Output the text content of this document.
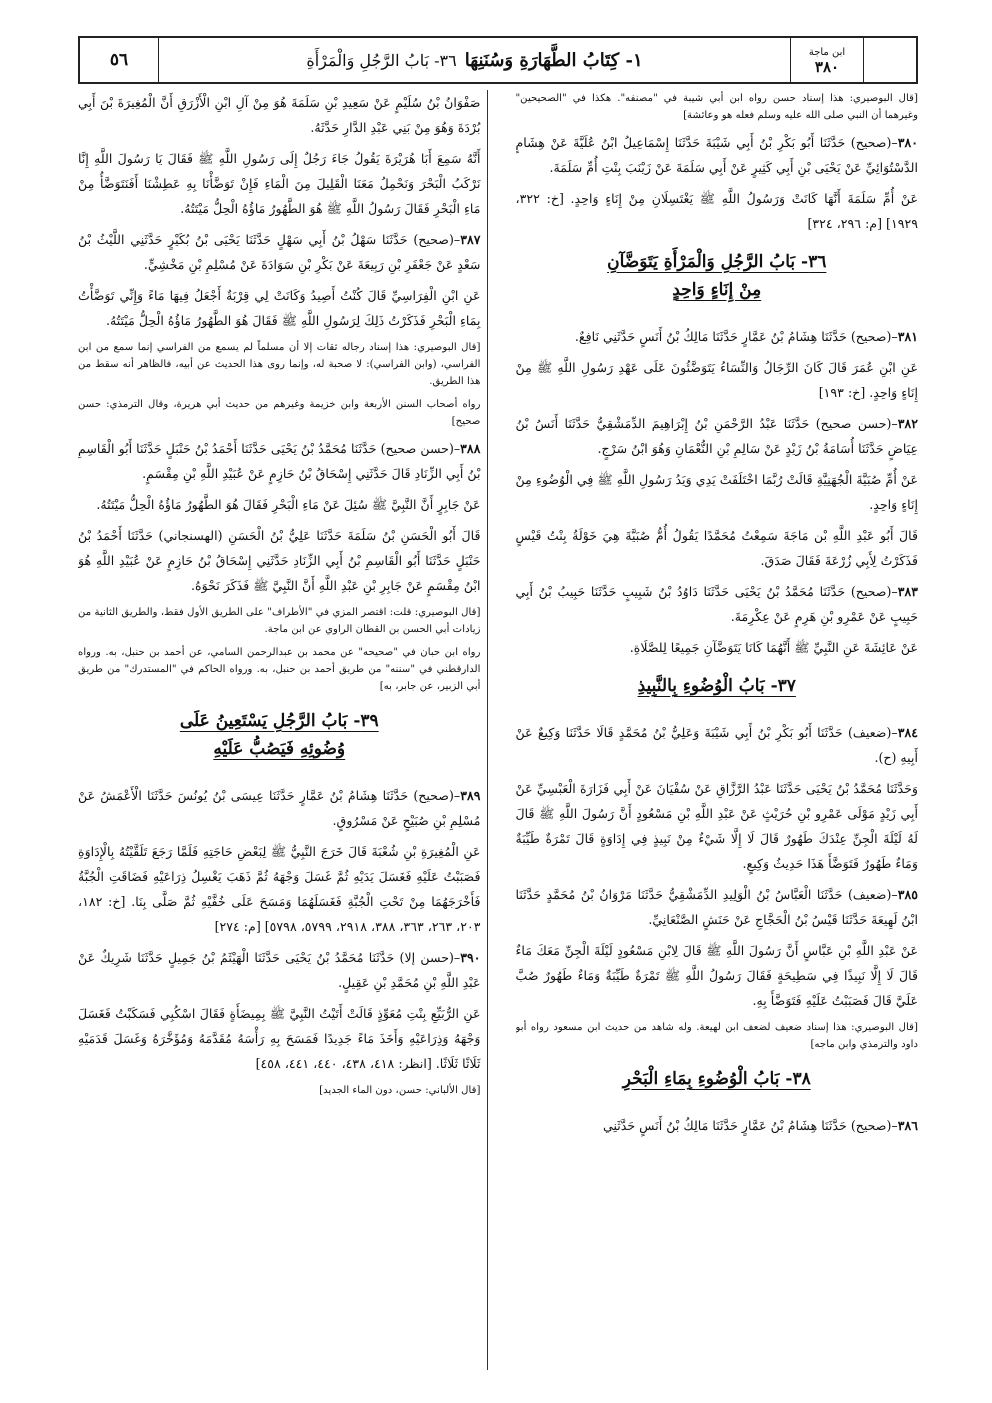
٥٦	١- كِتَابُ الطَّهَارَةِ وَسُنَنِهَا
٣٦- بَابُ الرَّجُلِ وَالْمَرْأَةِ	ابن ماجة
٣٨٠

[قال البوصيري: هذا إسناد حسن رواه ابن أبي شيبة في "مصنفه". هكذا في "الصحيحين" وغيرهما أن النبي صلى الله عليه وسلم فعله هو وعائشة]

٣٨٠–(صحيح) حَدَّثَنَا أَبُو بَكْرِ بْنُ أَبِي شَيْبَةَ حَدَّثَنَا إِسْمَاعِيلُ ابْنُ عُلَيَّةَ عَنْ هِشَامٍ الدَّسْتُوَائِيِّ عَنْ يَحْيَى بْنِ أَبِي كَثِيرٍ عَنْ أَبِي سَلَمَةَ عَنْ زَيْنَبَ بِنْتِ أُمِّ سَلَمَةَ.

عَنْ أُمِّ سَلَمَةَ أَنَّهَا كَانَتْ وَرَسُولُ اللَّهِ ﷺ يَغْتَسِلَانِ مِنْ إِنَاءٍ وَاحِدٍ. [خ: ٣٢٢، ١٩٢٩] [م: ٢٩٦، ٣٢٤]

٣٦- بَابُ الرَّجُلِ وَالْمَرْأَةِ يَتَوَضَّآنِ
مِنْ إِنَاءٍ وَاحِدٍ

٣٨١–(صحيح) حَدَّثَنَا هِشَامُ بْنُ عَمَّارٍ حَدَّثَنَا مَالِكُ بْنُ أَنَسٍ حَدَّثَنِي نَافِعٌ.

عَنِ ابْنِ عُمَرَ قَالَ كَانَ الرِّجَالُ وَالنِّسَاءُ يَتَوَضَّئُونَ عَلَى عَهْدِ رَسُولِ اللَّهِ ﷺ مِنْ إِنَاءٍ وَاحِدٍ. [خ: ١٩٣]

٣٨٢–(حسن صحيح) حَدَّثَنَا عَبْدُ الرَّحْمَنِ بْنُ إِبْرَاهِيمَ الدِّمَشْقِيُّ حَدَّثَنَا أَنَسُ بْنُ عِيَاضٍ حَدَّثَنَا أُسَامَةُ بْنُ زَيْدٍ عَنْ سَالِمِ بْنِ النُّعْمَانِ وَهُوَ ابْنُ سَرْجٍ.

عَنْ أُمِّ صُبَيَّةَ الْجُهَنِيَّةِ قَالَتْ رُبَّمَا اخْتَلَفَتْ يَدِي وَيَدُ رَسُولِ اللَّهِ ﷺ فِي الْوُضُوءِ مِنْ إِنَاءٍ وَاحِدٍ.

قَالَ أَبُو عَبْدِ اللَّهِ بْن مَاجَةَ سَمِعْتُ مُحَمَّدًا يَقُولُ أُمُّ صُبَيَّةَ هِيَ خَوْلَةُ بِنْتُ قَيْسٍ فَذَكَرْتُ لِأَبِي زُرْعَةَ فَقَالَ صَدَقَ.

٣٨٣–(صحيح) حَدَّثَنَا مُحَمَّدُ بْنُ يَحْيَى حَدَّثَنَا دَاوُدُ بْنُ شَبِيبٍ حَدَّثَنَا حَبِيبُ بْنُ أَبِي حَبِيبٍ عَنْ عَمْرِو بْنِ هَرِمٍ عَنْ عِكْرِمَةَ.

عَنْ عَائِشَةَ عَنِ النَّبِيِّ ﷺ أَنَّهُمَا كَانَا يَتَوَضَّآنِ جَمِيعًا لِلصَّلَاةِ.

٣٧- بَابُ الْوُضُوءِ بِالنَّبِيذِ

٣٨٤–(ضعيف) حَدَّثَنَا أَبُو بَكْرِ بْنُ أَبِي شَيْبَةَ وَعَلِيُّ بْنُ مُحَمَّدٍ قَالَا حَدَّثَنَا وَكِيعٌ عَنْ أَبِيهِ (ح).

وَحَدَّثَنَا مُحَمَّدُ بْنُ يَحْيَى حَدَّثَنَا عَبْدُ الرَّزَّاقِ عَنْ سُفْيَانَ عَنْ أَبِي فَزَارَةَ الْعَبْسِيِّ عَنْ أَبِي زَيْدٍ مَوْلَى عَمْرِو بْنِ حُرَيْثٍ عَنْ عَبْدِ اللَّهِ بْنِ مَسْعُودٍ أَنَّ رَسُولَ اللَّهِ ﷺ قَالَ لَهُ لَيْلَةَ الْجِنِّ عِنْدَكَ طَهُورٌ قَالَ لَا إِلَّا شَيْءٌ مِنْ نَبِيذٍ فِي إِدَاوَةٍ قَالَ تَمْرَةٌ طَيِّبَةٌ وَمَاءٌ طَهُورٌ فَتَوَضَّأَ هَذَا حَدِيثُ وَكِيعٍ.

٣٨٥–(ضعيف) حَدَّثَنَا الْعَبَّاسُ بْنُ الْوَلِيدِ الدِّمَشْقِيُّ حَدَّثَنَا مَرْوَانُ بْنُ مُحَمَّدٍ حَدَّثَنَا ابْنُ لَهِيعَةَ حَدَّثَنَا قَيْسُ بْنُ الْحَجَّاجِ عَنْ حَنَشٍ الصَّنْعَانِيِّ.

عَنْ عَبْدِ اللَّهِ بْنِ عَبَّاسٍ أَنَّ رَسُولَ اللَّهِ ﷺ قَالَ لِابْنِ مَسْعُودٍ لَيْلَةَ الْجِنِّ مَعَكَ مَاءٌ قَالَ لَا إِلَّا نَبِيذًا فِي سَطِيحَةٍ فَقَالَ رَسُولُ اللَّهِ ﷺ تَمْرَةٌ طَيِّبَةٌ وَمَاءٌ طَهُورٌ صُبَّ عَلَيَّ قَالَ فَصَبَبْتُ عَلَيْهِ فَتَوَضَّأَ بِهِ.

[قال البوصيري: هذا إسناد ضعيف لضعف ابن لهيعة. وله شاهد من حديث ابن مسعود رواه أبو داود والترمذي وابن ماجه]

٣٨- بَابُ الْوُضُوءِ بِمَاءِ الْبَحْرِ

٣٨٦–(صحيح) حَدَّثَنَا هِشَامُ بْنُ عَمَّارٍ حَدَّثَنَا مَالِكُ بْنُ أَنَسٍ حَدَّثَنِي

صَفْوَانُ بْنُ سُلَيْمٍ عَنْ سَعِيدِ بْنِ سَلَمَةَ هُوَ مِنْ آلِ ابْنِ الْأَزْرَقِ أَنَّ الْمُغِيرَةَ بْنَ أَبِي بُرْدَةَ وَهُوَ مِنْ بَنِي عَبْدِ الدَّارِ حَدَّثَهُ.

أَنَّهُ سَمِعَ أَبَا هُرَيْرَةَ يَقُولُ جَاءَ رَجُلٌ إِلَى رَسُولِ اللَّهِ ﷺ فَقَالَ يَا رَسُولَ اللَّهِ إِنَّا نَرْكَبُ الْبَحْرَ وَنَحْمِلُ مَعَنَا الْقَلِيلَ مِنَ الْمَاءِ فَإِنْ تَوَضَّأْنَا بِهِ عَطِشْنَا أَفَنَتَوَضَّأُ مِنْ مَاءِ الْبَحْرِ فَقَالَ رَسُولُ اللَّهِ ﷺ هُوَ الطَّهُورُ مَاؤُهُ الْحِلُّ مَيْتَتُهُ.

٣٨٧–(صحيح) حَدَّثَنَا سَهْلُ بْنُ أَبِي سَهْلٍ حَدَّثَنَا يَحْيَى بْنُ بُكَيْرٍ حَدَّثَنِي اللَّيْثُ بْنُ سَعْدٍ عَنْ جَعْفَرِ بْنِ رَبِيعَةَ عَنْ بَكْرِ بْنِ سَوَادَةَ عَنْ مُسْلِمِ بْنِ مَخْشِيٍّ.

عَنِ ابْنِ الْفِرَاسِيِّ قَالَ كُنْتُ أَصِيدُ وَكَانَتْ لِي قِرْبَةٌ أَجْعَلُ فِيهَا مَاءً وَإِنِّي تَوَضَّأْتُ بِمَاءِ الْبَحْرِ فَذَكَرْتُ ذَلِكَ لِرَسُولِ اللَّهِ ﷺ فَقَالَ هُوَ الطَّهُورُ مَاؤُهُ الْحِلُّ مَيْتَتُهُ.

[قال البوصيري: هذا إسناد رجاله ثقات إلا أن مسلماً لم يسمع من الفراسي إنما سمع من ابن الفراسي، (وابن الفراسي): لا صحبة له، وإنما روى هذا الحديث عن أبيه، فالظاهر أنه سقط من هذا الطريق.

رواه أصحاب السنن الأربعة وابن خزيمة وغيرهم من حديث أبي هريرة، وقال الترمذي: حسن صحيح]

٣٨٨–(حسن صحيح) حَدَّثَنَا مُحَمَّدُ بْنُ يَحْيَى حَدَّثَنَا أَحْمَدُ بْنُ حَنْبَلٍ حَدَّثَنَا أَبُو الْقَاسِمِ بْنُ أَبِي الزِّنَادِ قَالَ حَدَّثَنِي إِسْحَاقُ بْنُ حَازِمٍ عَنْ عُبَيْدِ اللَّهِ بْنِ مِقْسَمٍ.

عَنْ جَابِرٍ أَنَّ النَّبِيَّ ﷺ سُئِلَ عَنْ مَاءِ الْبَحْرِ فَقَالَ هُوَ الطَّهُورُ مَاؤُهُ الْحِلُّ مَيْتَتُهُ.

قَالَ أَبُو الْحَسَنِ بْنُ سَلَمَةَ حَدَّثَنَا عَلِيُّ بْنُ الْحَسَنِ (الهسنجاني) حَدَّثَنَا أَحْمَدُ بْنُ حَنْبَلٍ حَدَّثَنَا أَبُو الْقَاسِمِ بْنُ أَبِي الزِّنَادِ حَدَّثَنِي إِسْحَاقُ بْنُ حَازِمٍ عَنْ عُبَيْدِ اللَّهِ هُوَ ابْنُ مِقْسَمٍ عَنْ جَابِرِ بْنِ عَبْدِ اللَّهِ أَنَّ النَّبِيَّ ﷺ فَذَكَرَ نَحْوَهُ.

[قال البوصيري: قلت: اقتصر المزي في "الأطراف" على الطريق الأول فقط، والطريق الثانية من زيادات أبي الحسن بن القطان الراوي عن ابن ماجة.

رواه ابن حبان في "صحيحه" عن محمد بن عبدالرحمن السامي، عن أحمد بن حنبل، به. ورواه الدارقطني في "سننه" من طريق أحمد بن حنبل، به. ورواه الحاكم في "المستدرك" من طريق أبي الزبير، عن جابر، به]

٣٩- بَابُ الرَّجُلِ يَسْتَعِينُ عَلَى
وُضُوئِهِ فَيَصُبُّ عَلَيْهِ

٣٨٩–(صحيح) حَدَّثَنَا هِشَامُ بْنُ عَمَّارٍ حَدَّثَنَا عِيسَى بْنُ يُونُسَ حَدَّثَنَا الْأَعْمَشُ عَنْ مُسْلِمِ بْنِ صُبَيْحٍ عَنْ مَسْرُوقٍ.

عَنِ الْمُغِيرَةِ بْنِ شُعْبَةَ قَالَ خَرَجَ النَّبِيُّ ﷺ لِبَعْضِ حَاجَتِهِ فَلَمَّا رَجَعَ تَلَقَّيْتُهُ بِالْإِدَاوَةِ فَصَبَبْتُ عَلَيْهِ فَغَسَلَ يَدَيْهِ ثُمَّ غَسَلَ وَجْهَهُ ثُمَّ ذَهَبَ يَغْسِلُ ذِرَاعَيْهِ فَضَاقَتِ الْجُبَّةُ فَأَخْرَجَهُمَا مِنْ تَحْتِ الْجُبَّةِ فَغَسَلَهُمَا وَمَسَحَ عَلَى خُفَّيْهِ ثُمَّ صَلَّى بِنَا. [خ: ١٨٢، ٢٠٣، ٢٦٣، ٣٦٣، ٣٨٨، ٢٩١٨، ٥٧٩٩، ٥٧٩٨] [م: ٢٧٤]

٣٩٠–(حسن إلا) حَدَّثَنَا مُحَمَّدُ بْنُ يَحْيَى حَدَّثَنَا الْهَيْثَمُ بْنُ جَمِيلٍ حَدَّثَنَا شَرِيكٌ عَنْ عَبْدِ اللَّهِ بْنِ مُحَمَّدِ بْنِ عَقِيلٍ.

عَنِ الرُّبَيِّعِ بِنْتِ مُعَوِّذٍ قَالَتْ أَتَيْتُ النَّبِيَّ ﷺ بِمِيضَأَةٍ فَقَالَ اسْكُبِي فَسَكَبْتُ فَغَسَلَ وَجْهَهُ وَذِرَاعَيْهِ وَأَخَذَ مَاءً جَدِيدًا فَمَسَحَ بِهِ رَأْسَهُ مُقَدَّمَهُ وَمُؤَخَّرَهُ وَغَسَلَ قَدَمَيْهِ ثَلَاثًا ثَلَاثًا. [انظر: ٤١٨، ٤٣٨، ٤٤٠، ٤٤١، ٤٥٨]

[قال الألباني: حسن، دون الماء الجديد]
